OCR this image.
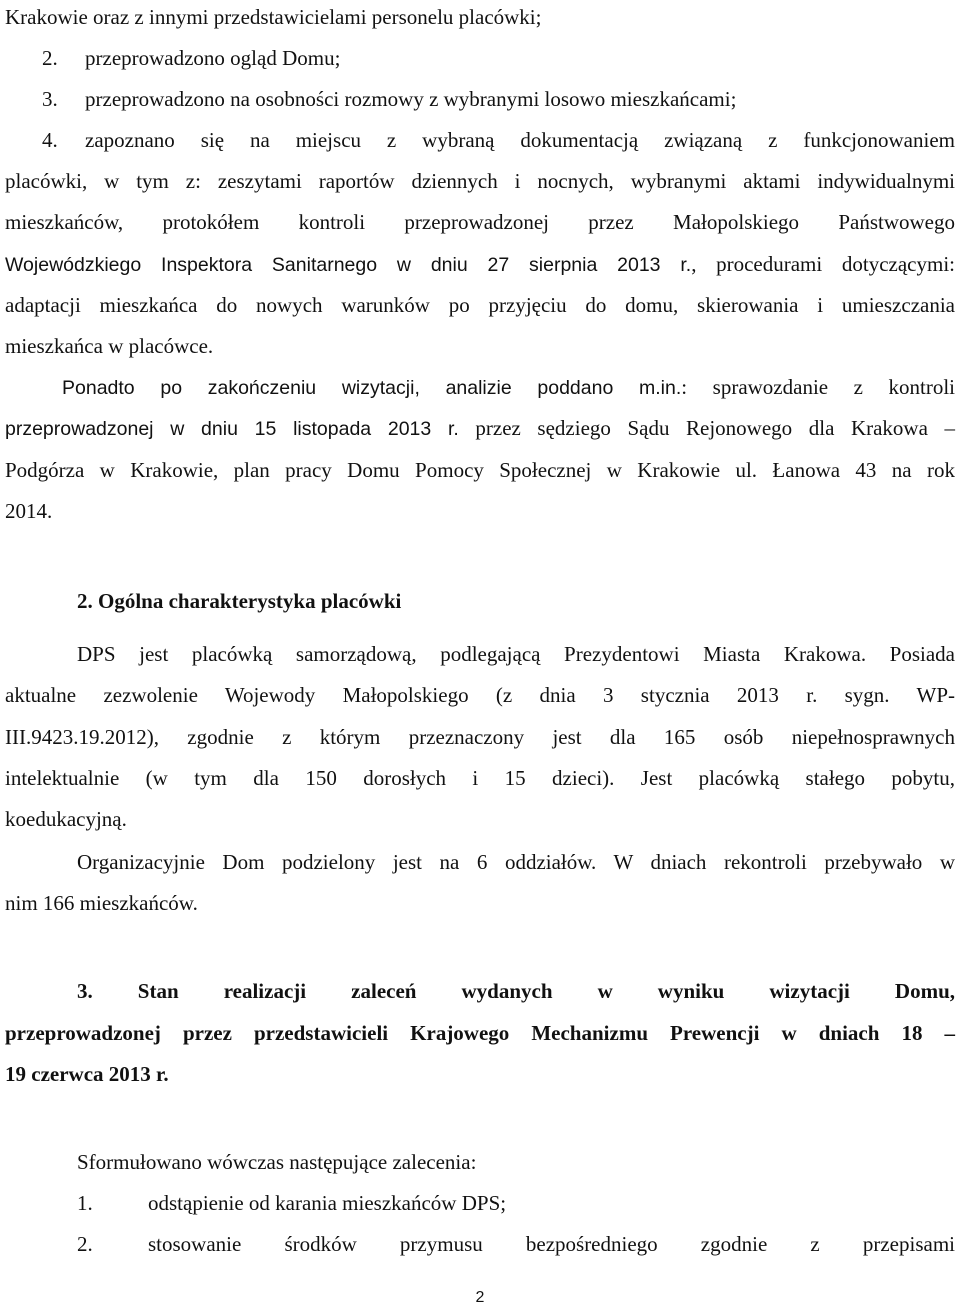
Krakowie oraz z innymi przedstawicielami personelu placówki;
2. przeprowadzono ogląd Domu;
3. przeprowadzono na osobności rozmowy z wybranymi losowo mieszkańcami;
4. zapoznano się na miejscu z wybraną dokumentacją związaną z funkcjonowaniem
placówki, w tym z: zeszytami raportów dziennych i nocnych, wybranymi aktami indywidualnymi
mieszkańców, protokółem kontroli przeprowadzonej przez Małopolskiego Państwowego
Wojewódzkiego Inspektora Sanitarnego w dniu 27 sierpnia 2013 r., procedurami dotyczącymi:
adaptacji mieszkańca do nowych warunków po przyjęciu do domu, skierowania i umieszczania
mieszkańca w placówce.
Ponadto po zakończeniu wizytacji, analizie poddano m.in.: sprawozdanie z kontroli
przeprowadzonej w dniu 15 listopada 2013 r. przez sędziego Sądu Rejonowego dla Krakowa –
Podgórza w Krakowie, plan pracy Domu Pomocy Społecznej w Krakowie ul. Łanowa 43 na rok
2014.
2. Ogólna charakterystyka placówki
DPS jest placówką samorządową, podlegającą Prezydentowi Miasta Krakowa. Posiada
aktualne zezwolenie Wojewody Małopolskiego (z dnia 3 stycznia 2013 r. sygn. WP-
III.9423.19.2012), zgodnie z którym przeznaczony jest dla 165 osób niepełnosprawnych
intelektualnie (w tym dla 150 dorosłych i 15 dzieci). Jest placówką stałego pobytu,
koedukacyjną.
Organizacyjnie Dom podzielony jest na 6 oddziałów. W dniach rekontroli przebywało w
nim 166 mieszkańców.
3.      Stan      realizacji      zaleceń      wydanych      w      wyniku      wizytacji      Domu,
przeprowadzonej przez przedstawicieli Krajowego Mechanizmu Prewencji w dniach 18 –
19 czerwca 2013 r.
Sformułowano wówczas następujące zalecenia:
1.	odstąpienie od karania mieszkańców DPS;
2.	stosowanie środków przymusu bezpośredniego zgodnie z przepisami
2
